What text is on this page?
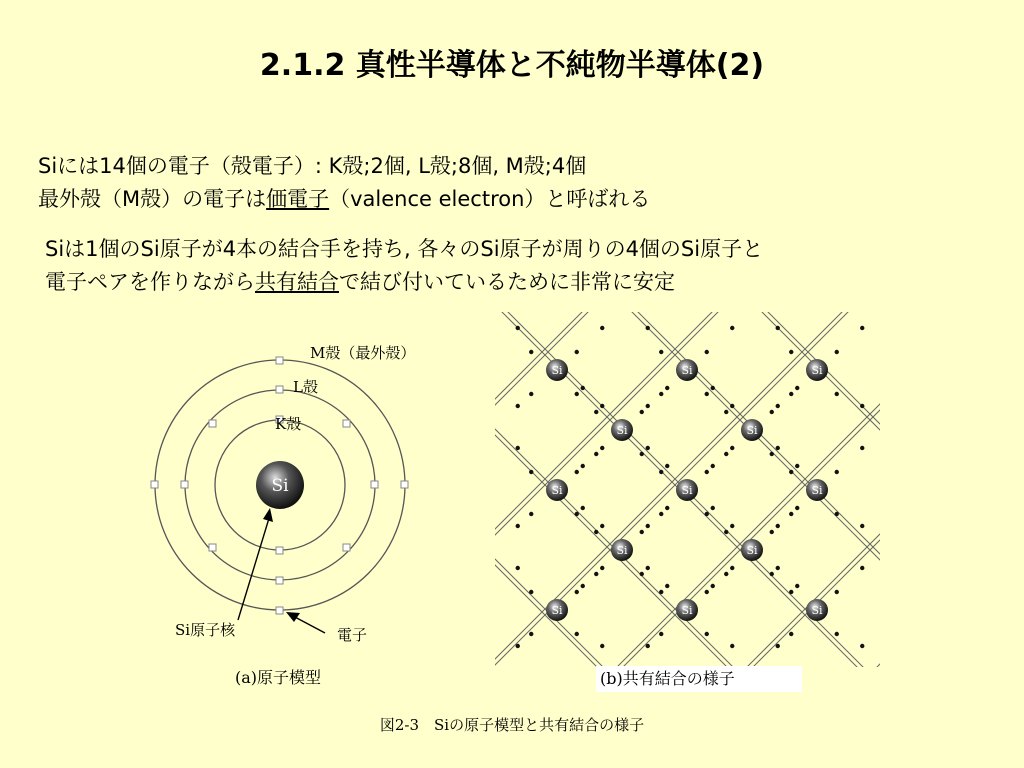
2.1.2 真性半導体と不純物半導体(2)
Siには14個の電子（殻電子）: K殻;2個, L殻;8個, M殻;4個
最外殻（M殻）の電子は価電子（valence electron）と呼ばれる
Siは1個のSi原子が4本の結合手を持ち, 各々のSi原子が周りの4個のSi原子と
電子ペアを作りながら共有結合で結び付いているために非常に安定
Si
M殻（最外殻）
L殻
K殻
Si原子核	電子
(a)原子模型
Si	Si	Si
Si	Si
Si	Si	Si
Si	Si
Si	Si	Si
(b)共有結合の様子
図2-3　Siの原子模型と共有結合の様子
